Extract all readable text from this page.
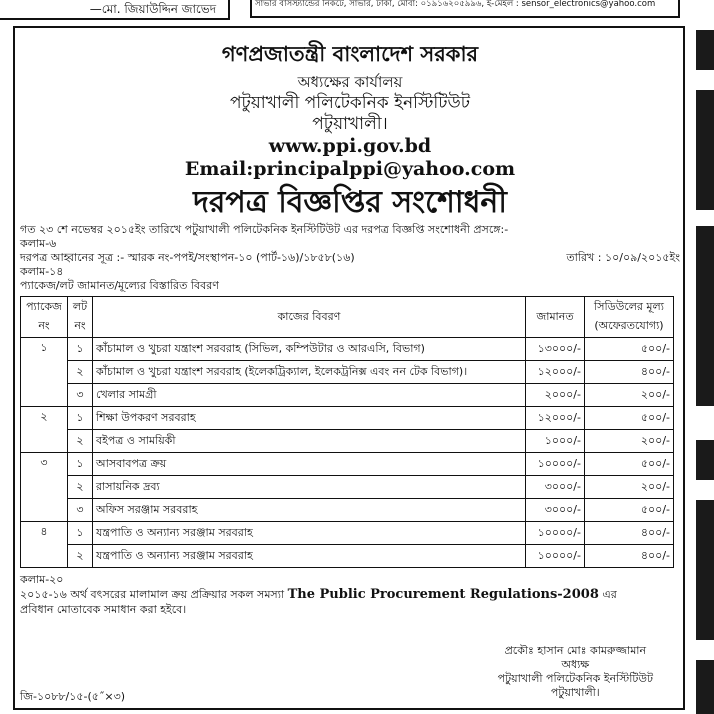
—মো. জিয়াউদ্দিন জাভেদ	সাভার বাসস্ট্যান্ডের নিকটে, সাভার, ঢাকা, মোবা: ০১৯১৬২০৫৯৯৬, ই-মেইল : sensor_electronics@yahoo.com
গণপ্রজাতন্ত্রী বাংলাদেশ সরকার
অধ্যক্ষের কার্যালয়
পটুয়াখালী পলিটেকনিক ইনস্টিটিউট
পটুয়াখালী।
www.ppi.gov.bd
Email:principalppi@yahoo.com
দরপত্র বিজ্ঞপ্তির সংশোধনী
গত ২৩ শে নভেম্বর ২০১৫ইং তারিখে পটুয়াখালী পলিটেকনিক ইনস্টিটিউট এর দরপত্র বিজ্ঞপ্তি সংশোধনী প্রসঙ্গে:-
কলাম-৬
দরপত্র আহ্বানের সূত্র :- স্মারক নং-পপই/সংস্থাপন-১০ (পার্ট-১৬)/১৮৫৮(১৬)	তারিখ : ১০/০৯/২০১৫ইং
কলাম-১৪
প্যাকেজ/লট জামানত/মূল্যের বিস্তারিত বিবরণ
প্যাকেজ নং	লট নং	কাজের বিবরণ	জামানত	সিডিউলের মূল্য (অফেরতযোগ্য)
১	১	কাঁচামাল ও খুচরা যন্ত্রাংশ সরবরাহ (সিভিল, কম্পিউটার ও আরএসি, বিভাগ)	১৩০০০/-	৫০০/-
	২	কাঁচামাল ও খুচরা যন্ত্রাংশ সরবরাহ (ইলেকট্রিক্যাল, ইলেকট্রনিক্স এবং নন টেক বিভাগ)।	১২০০০/-	৪০০/-
	৩	খেলার সামগ্রী	২০০০/-	২০০/-
২	১	শিক্ষা উপকরণ সরবরাহ	১২০০০/-	৫০০/-
	২	বইপত্র ও সাময়িকী	১০০০/-	২০০/-
৩	১	আসবাবপত্র ক্রয়	১০০০০/-	৫০০/-
	২	রাসায়নিক দ্রব্য	৩০০০/-	২০০/-
	৩	অফিস সরঞ্জাম সরবরাহ	৩০০০/-	৫০০/-
৪	১	যন্ত্রপাতি ও অন্যান্য সরঞ্জাম সরবরাহ	১০০০০/-	৪০০/-
	২	যন্ত্রপাতি ও অন্যান্য সরঞ্জাম সরবরাহ	১০০০০/-	৪০০/-
কলাম-২০
২০১৫-১৬ অর্থ বৎসরের মালামাল ক্রয় প্রক্রিয়ার সকল সমস্যা The Public Procurement Regulations-2008 এর
প্রবিধান মোতাবেক সমাধান করা হইবে।
প্রকৌঃ হাসান মোঃ কামরুজ্জামান
অধ্যক্ষ
পটুয়াখালী পলিটেকনিক ইনস্টিটিউট
পটুয়াখালী।
জি-১০৮৮/১৫-(৫˝×৩)
